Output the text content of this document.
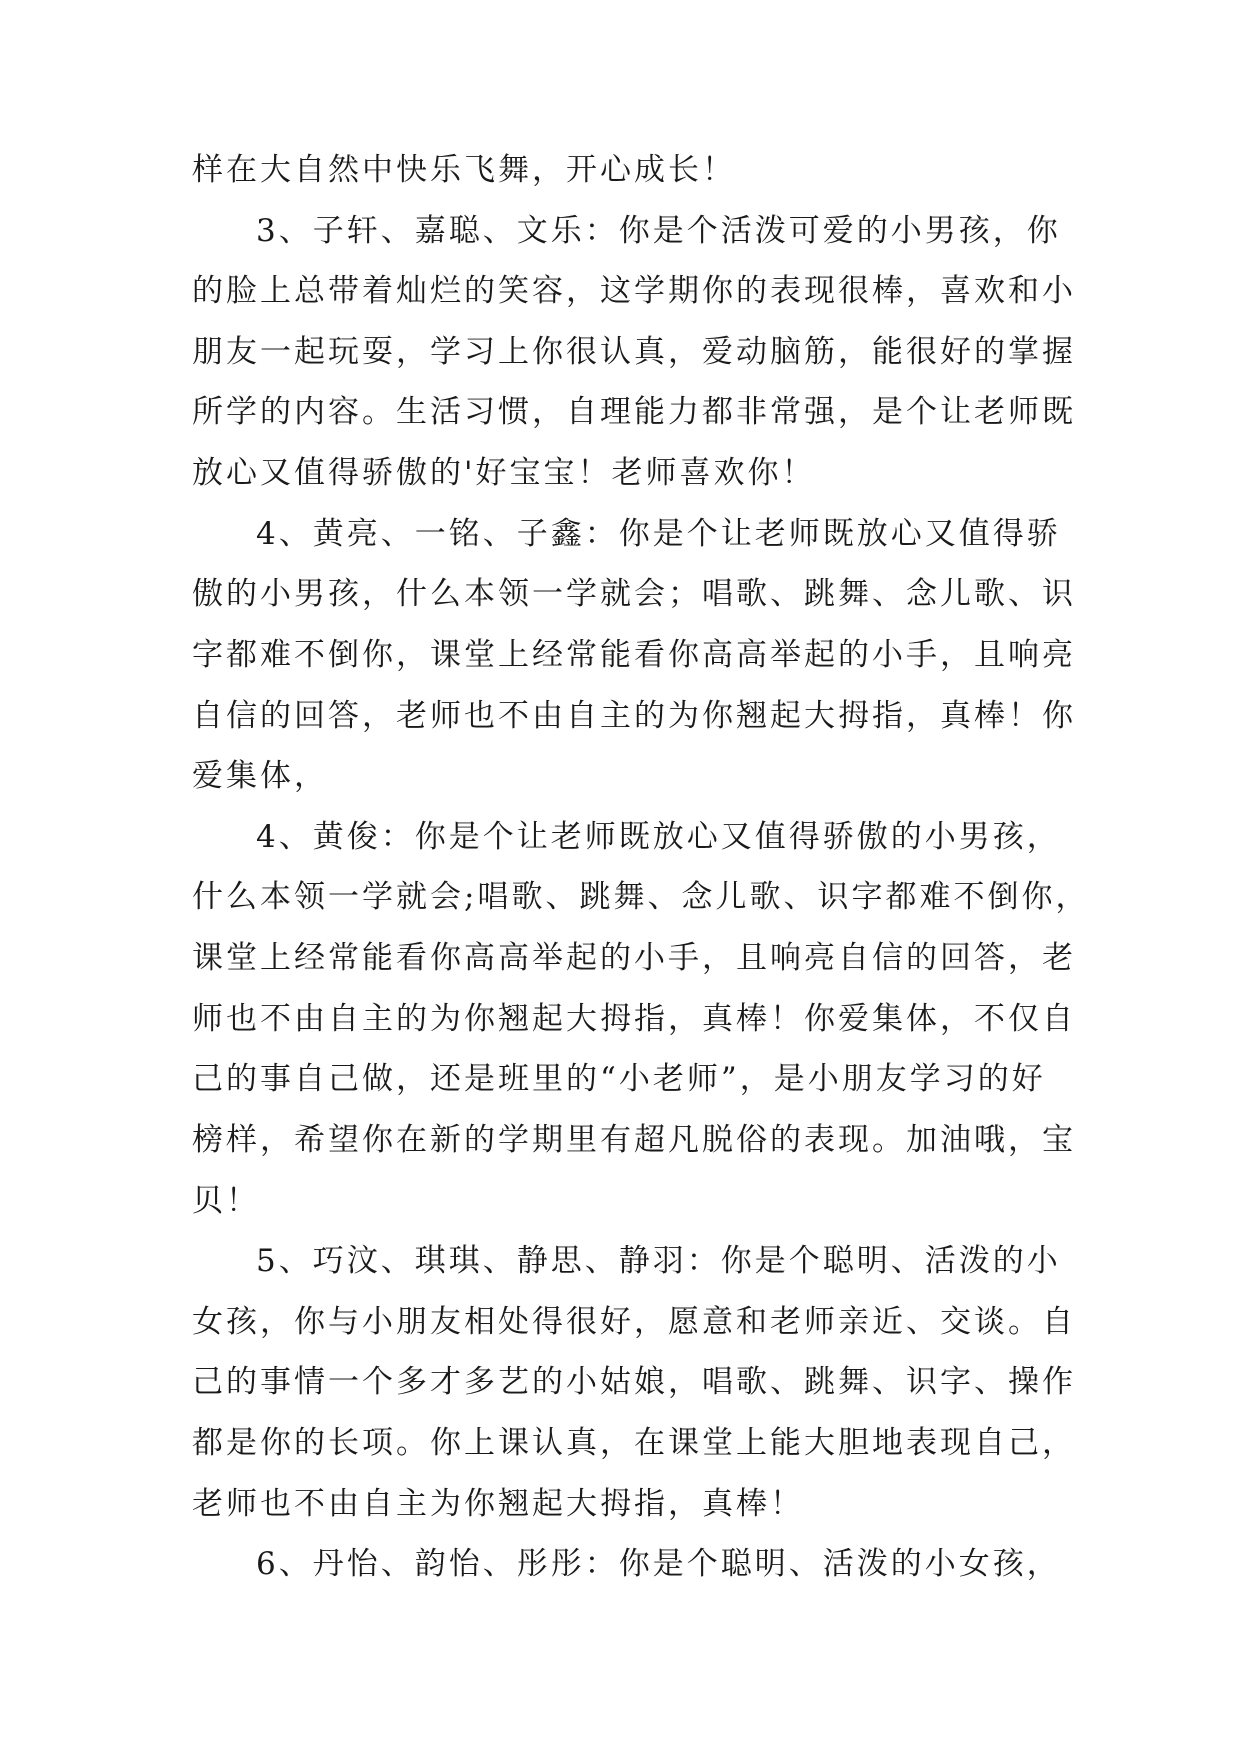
样在大自然中快乐飞舞，开心成长！
3、子轩、嘉聪、文乐：你是个活泼可爱的小男孩，你
的脸上总带着灿烂的笑容，这学期你的表现很棒，喜欢和小
朋友一起玩耍，学习上你很认真，爱动脑筋，能很好的掌握
所学的内容。生活习惯，自理能力都非常强，是个让老师既
放心又值得骄傲的'好宝宝！老师喜欢你！
4、黄亮、一铭、子鑫：你是个让老师既放心又值得骄
傲的小男孩，什么本领一学就会；唱歌、跳舞、念儿歌、识
字都难不倒你，课堂上经常能看你高高举起的小手，且响亮
自信的回答，老师也不由自主的为你翘起大拇指，真棒！你
爱集体，
4、黄俊：你是个让老师既放心又值得骄傲的小男孩，
什么本领一学就会;唱歌、跳舞、念儿歌、识字都难不倒你，
课堂上经常能看你高高举起的小手，且响亮自信的回答，老
师也不由自主的为你翘起大拇指，真棒！你爱集体，不仅自
己的事自己做，还是班里的“小老师”，是小朋友学习的好
榜样，希望你在新的学期里有超凡脱俗的表现。加油哦，宝
贝！
5、巧汶、琪琪、静思、静羽：你是个聪明、活泼的小
女孩，你与小朋友相处得很好，愿意和老师亲近、交谈。自
己的事情一个多才多艺的小姑娘，唱歌、跳舞、识字、操作
都是你的长项。你上课认真，在课堂上能大胆地表现自己，
老师也不由自主为你翘起大拇指，真棒！
6、丹怡、韵怡、彤彤：你是个聪明、活泼的小女孩，
